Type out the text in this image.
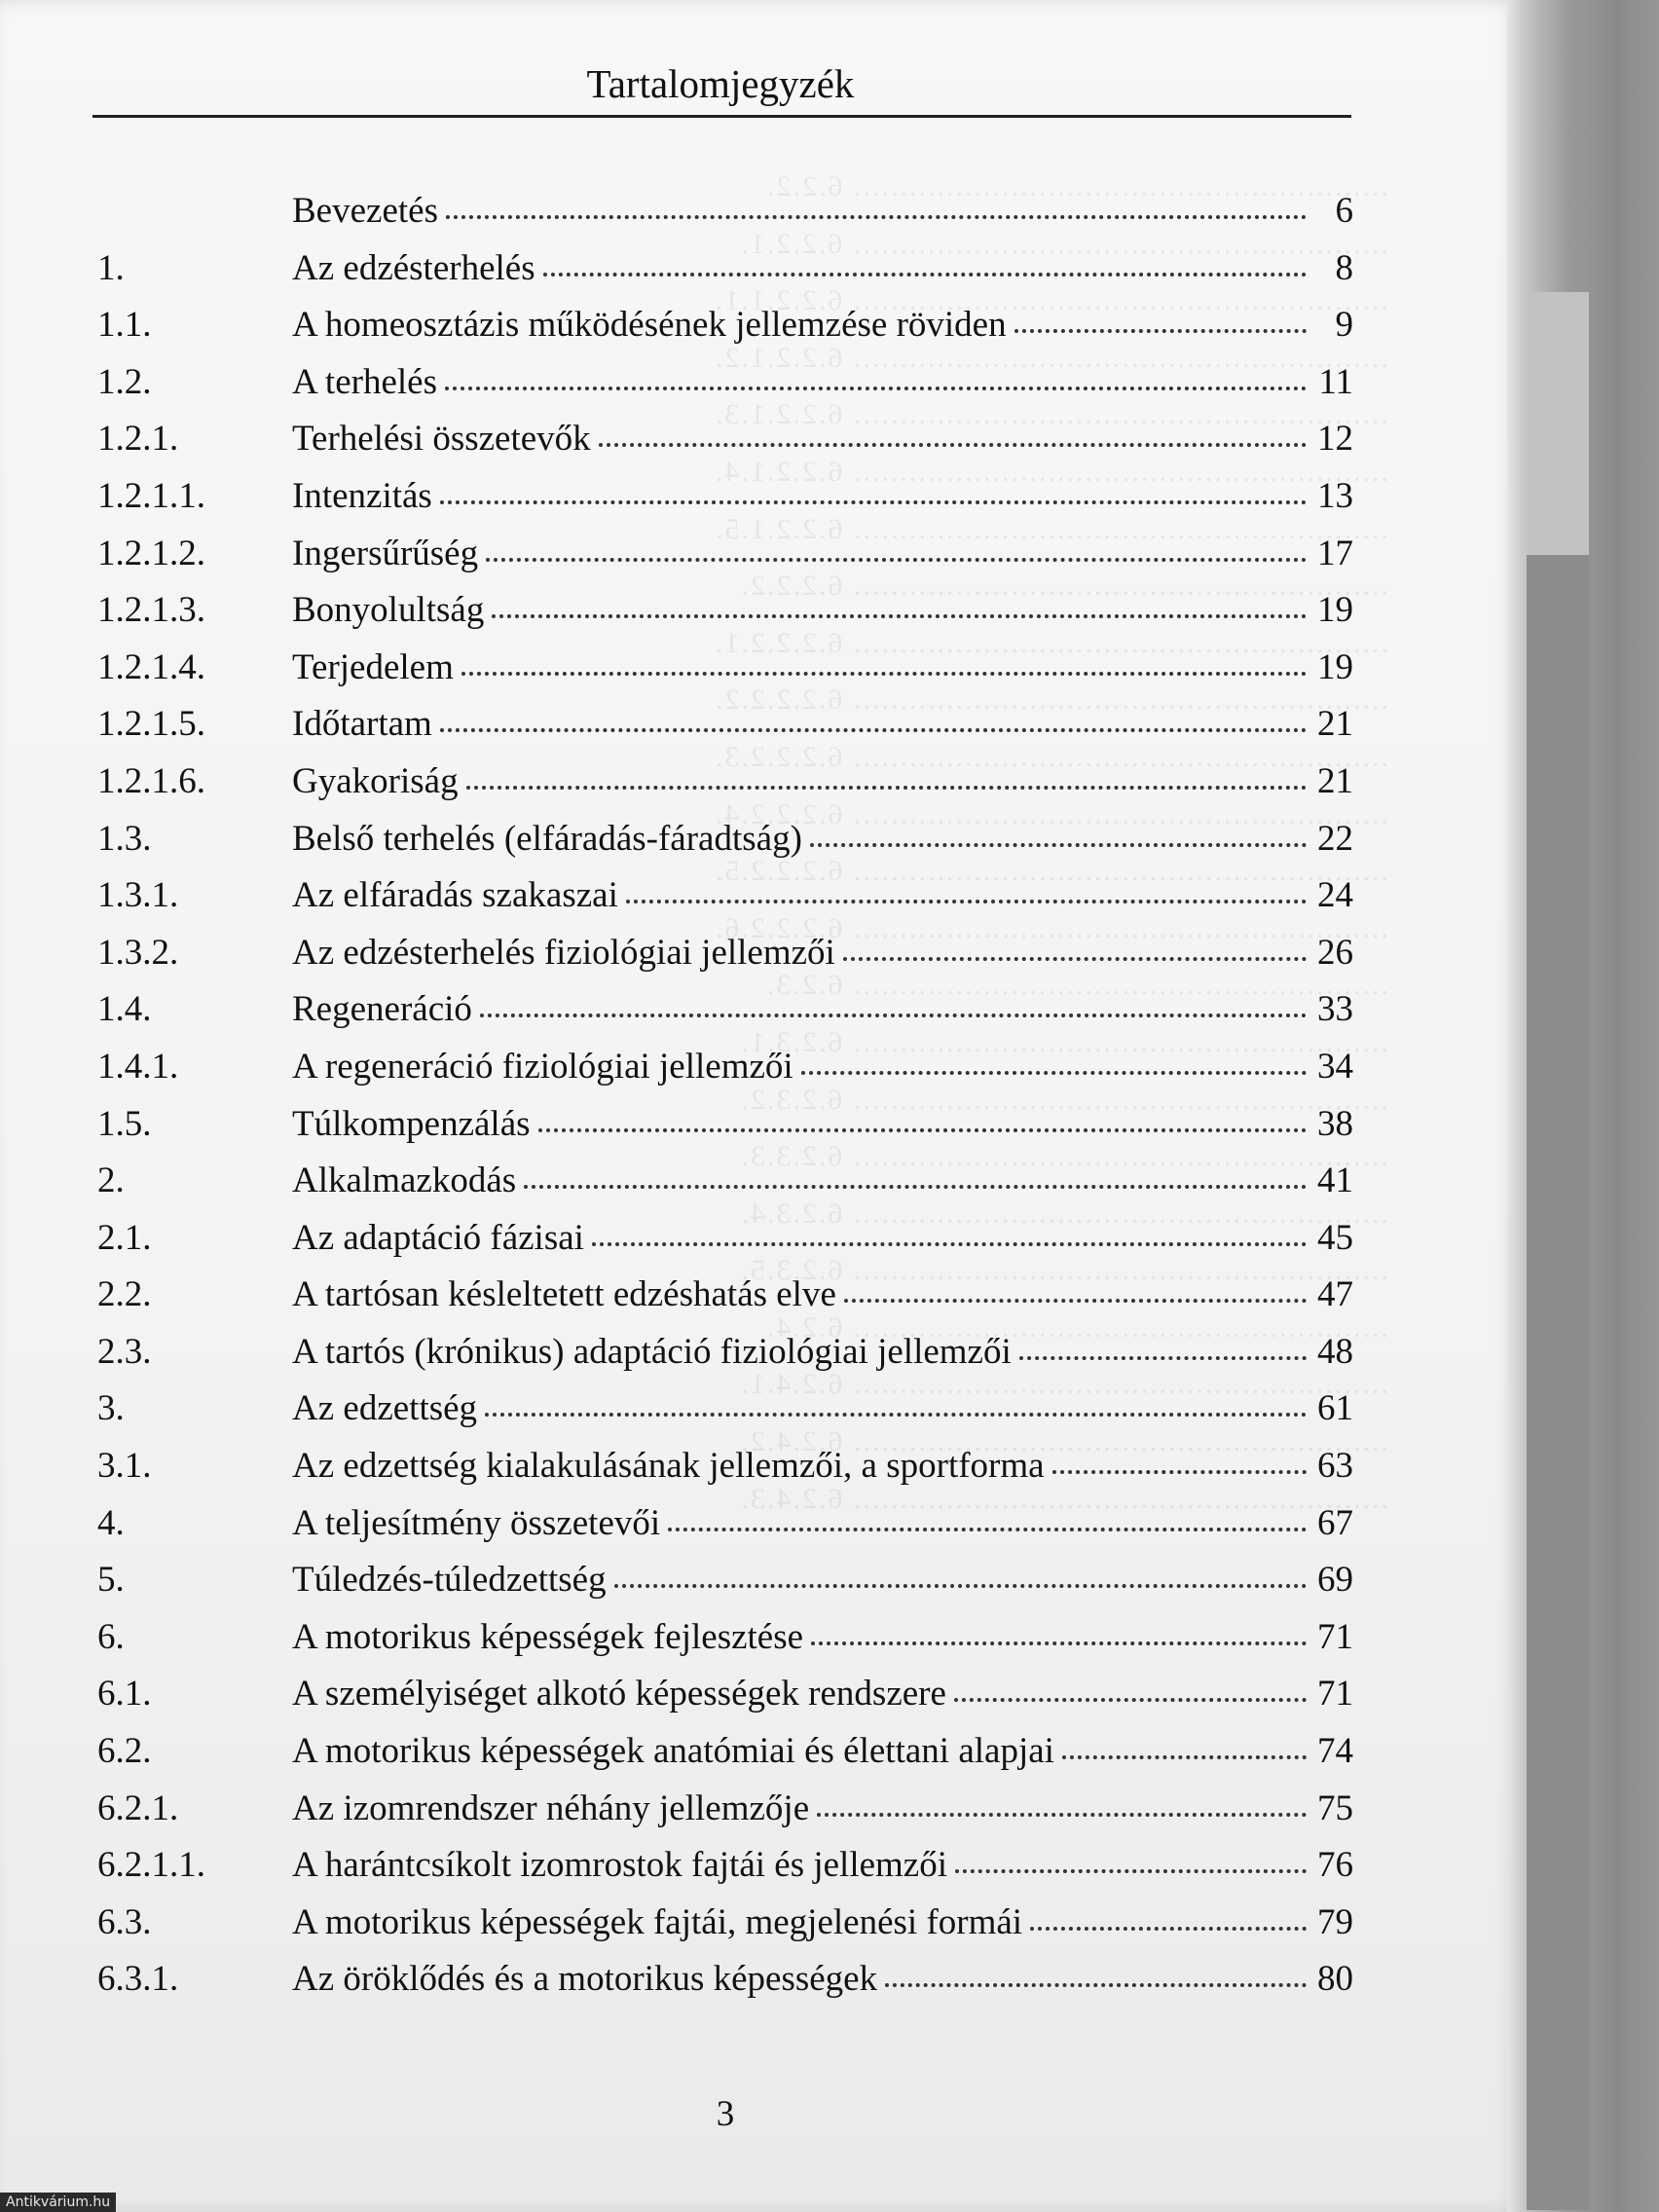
.......................................................... 6.2.2.
.......................................................... 6.2.2.1.
.......................................................... 6.2.2.1.1.
.......................................................... 6.2.2.1.2.
.......................................................... 6.2.2.1.3.
.......................................................... 6.2.2.1.4.
.......................................................... 6.2.2.1.5.
.......................................................... 6.2.2.2.
.......................................................... 6.2.2.2.1.
.......................................................... 6.2.2.2.2.
.......................................................... 6.2.2.2.3.
.......................................................... 6.2.2.2.4.
.......................................................... 6.2.2.2.5.
.......................................................... 6.2.2.2.6.
.......................................................... 6.2.3.
.......................................................... 6.2.3.1.
.......................................................... 6.2.3.2.
.......................................................... 6.2.3.3.
.......................................................... 6.2.3.4.
.......................................................... 6.2.3.5.
.......................................................... 6.2.4.
.......................................................... 6.2.4.1.
.......................................................... 6.2.4.2.
.......................................................... 6.2.4.3.
Tartalomjegyzék
Bevezetés	6
1.	Az edzésterhelés	8
1.1.	A homeosztázis működésének jellemzése röviden	9
1.2.	A terhelés	11
1.2.1.	Terhelési összetevők	12
1.2.1.1.	Intenzitás	13
1.2.1.2.	Ingersűrűség	17
1.2.1.3.	Bonyolultság	19
1.2.1.4.	Terjedelem	19
1.2.1.5.	Időtartam	21
1.2.1.6.	Gyakoriság	21
1.3.	Belső terhelés (elfáradás-fáradtság)	22
1.3.1.	Az elfáradás szakaszai	24
1.3.2.	Az edzésterhelés fiziológiai jellemzői	26
1.4.	Regeneráció	33
1.4.1.	A regeneráció fiziológiai jellemzői	34
1.5.	Túlkompenzálás	38
2.	Alkalmazkodás	41
2.1.	Az adaptáció fázisai	45
2.2.	A tartósan késleltetett edzéshatás elve	47
2.3.	A tartós (krónikus) adaptáció fiziológiai jellemzői	48
3.	Az edzettség	61
3.1.	Az edzettség kialakulásának jellemzői, a sportforma	63
4.	A teljesítmény összetevői	67
5.	Túledzés-túledzettség	69
6.	A motorikus képességek fejlesztése	71
6.1.	A személyiséget alkotó képességek rendszere	71
6.2.	A motorikus képességek anatómiai és élettani alapjai	74
6.2.1.	Az izomrendszer néhány jellemzője	75
6.2.1.1.	A harántcsíkolt izomrostok fajtái és jellemzői	76
6.3.	A motorikus képességek fajtái, megjelenési formái	79
6.3.1.	Az öröklődés és a motorikus képességek	80
3
Antikvárium.hu
